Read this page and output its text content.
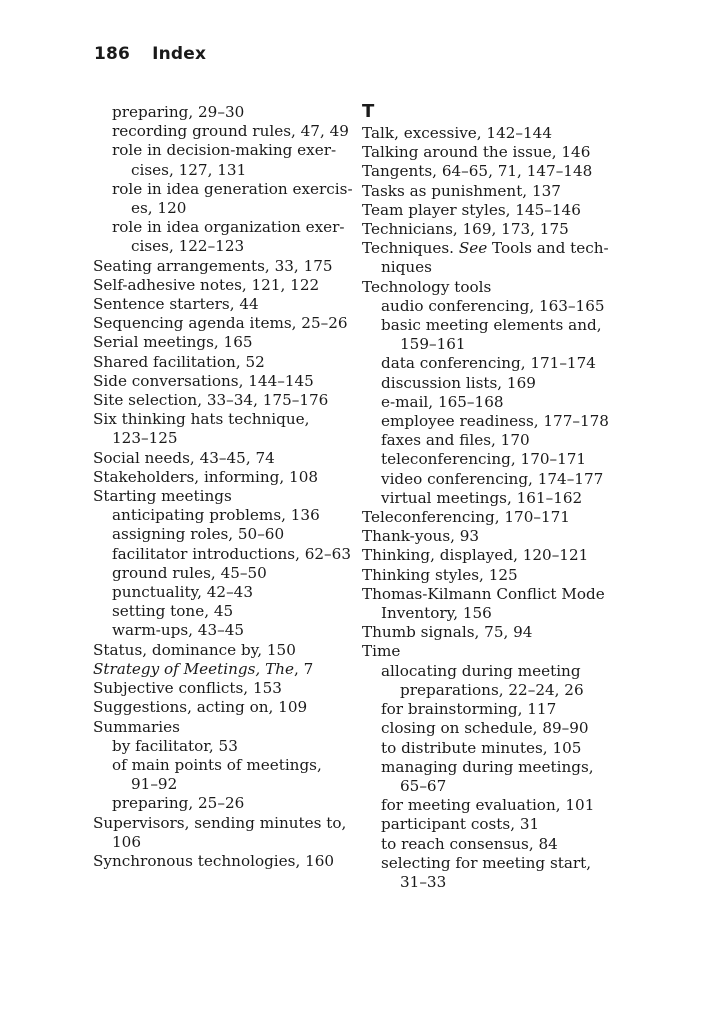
186 Index
preparing, 29–30
recording ground rules, 47, 49
role in decision-making exer-
cises, 127, 131
role in idea generation exercis-
es, 120
role in idea organization exer-
cises, 122–123
Seating arrangements, 33, 175
Self-adhesive notes, 121, 122
Sentence starters, 44
Sequencing agenda items, 25–26
Serial meetings, 165
Shared facilitation, 52
Side conversations, 144–145
Site selection, 33–34, 175–176
Six thinking hats technique,
123–125
Social needs, 43–45, 74
Stakeholders, informing, 108
Starting meetings
anticipating problems, 136
assigning roles, 50–60
facilitator introductions, 62–63
ground rules, 45–50
punctuality, 42–43
setting tone, 45
warm-ups, 43–45
Status, dominance by, 150
Strategy of Meetings, The, 7
Subjective conflicts, 153
Suggestions, acting on, 109
Summaries
by facilitator, 53
of main points of meetings,
91–92
preparing, 25–26
Supervisors, sending minutes to,
106
Synchronous technologies, 160
T
Talk, excessive, 142–144
Talking around the issue, 146
Tangents, 64–65, 71, 147–148
Tasks as punishment, 137
Team player styles, 145–146
Technicians, 169, 173, 175
Techniques. See Tools and tech-
niques
Technology tools
audio conferencing, 163–165
basic meeting elements and,
159–161
data conferencing, 171–174
discussion lists, 169
e-mail, 165–168
employee readiness, 177–178
faxes and files, 170
teleconferencing, 170–171
video conferencing, 174–177
virtual meetings, 161–162
Teleconferencing, 170–171
Thank-yous, 93
Thinking, displayed, 120–121
Thinking styles, 125
Thomas-Kilmann Conflict Mode
Inventory, 156
Thumb signals, 75, 94
Time
allocating during meeting
preparations, 22–24, 26
for brainstorming, 117
closing on schedule, 89–90
to distribute minutes, 105
managing during meetings,
65–67
for meeting evaluation, 101
participant costs, 31
to reach consensus, 84
selecting for meeting start,
31–33
